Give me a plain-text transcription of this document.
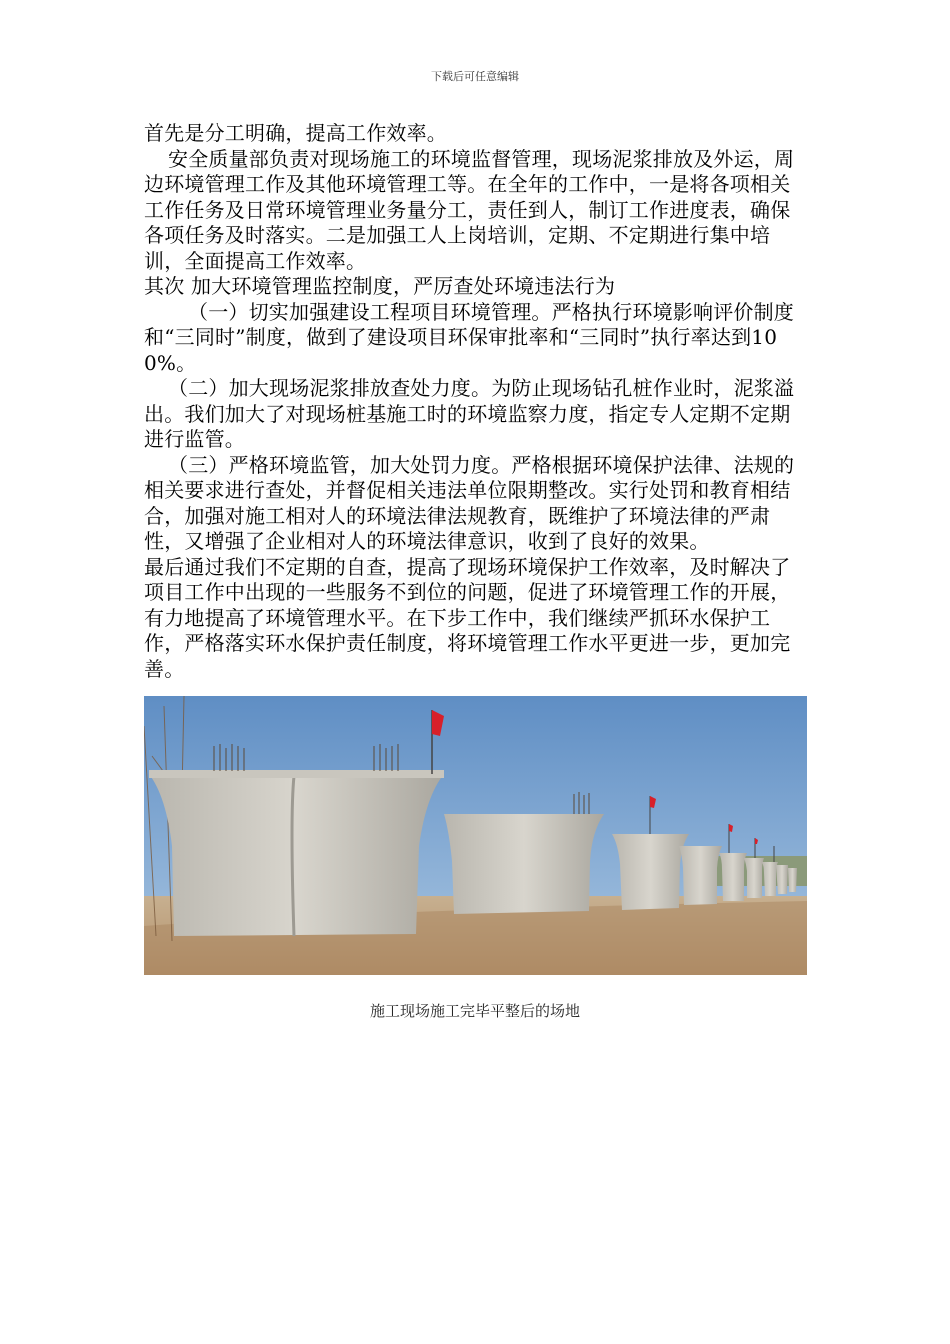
下载后可任意编辑

首先是分工明确，提高工作效率。

安全质量部负责对现场施工的环境监督管理，现场泥浆排放及外运，周边环境管理工作及其他环境管理工等。在全年的工作中，一是将各项相关工作任务及日常环境管理业务量分工，责任到人，制订工作进度表，确保各项任务及时落实。二是加强工人上岗培训，定期、不定期进行集中培训，全面提高工作效率。

其次 加大环境管理监控制度，严厉查处环境违法行为

（一）切实加强建设工程项目环境管理。严格执行环境影响评价制度和“三同时”制度，做到了建设项目环保审批率和“三同时”执行率达到100%。

（二）加大现场泥浆排放查处力度。为防止现场钻孔桩作业时，泥浆溢出。我们加大了对现场桩基施工时的环境监察力度，指定专人定期不定期进行监管。

（三）严格环境监管，加大处罚力度。严格根据环境保护法律、法规的相关要求进行查处，并督促相关违法单位限期整改。实行处罚和教育相结合，加强对施工相对人的环境法律法规教育，既维护了环境法律的严肃性，又增强了企业相对人的环境法律意识，收到了良好的效果。

最后通过我们不定期的自查，提高了现场环境保护工作效率，及时解决了项目工作中出现的一些服务不到位的问题，促进了环境管理工作的开展，有力地提高了环境管理水平。在下步工作中，我们继续严抓环水保护工作，严格落实环水保护责任制度，将环境管理工作水平更进一步，更加完善。

施工现场施工完毕平整后的场地
